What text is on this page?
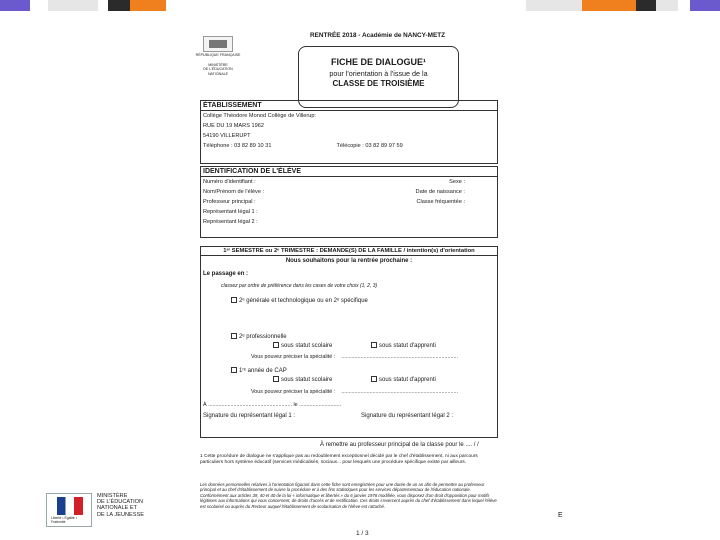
RENTRÉE 2018 - Académie de NANCY-METZ
RÉPUBLIQUE FRANÇAISE
MINISTÈRE
DE L'ÉDUCATION
NATIONALE
FICHE DE DIALOGUE¹
pour l'orientation à l'issue de la
CLASSE DE TROISIÈME
ÉTABLISSEMENT
Collège Théodore Monod Collège de Villerup:
RUE DU 19 MARS 1962
54190 VILLERUPT
Téléphone : 03 82 89 10 31	Télécopie : 03 82 89 97 59
IDENTIFICATION DE L'ÉLÈVE
Numéro d'identifiant :	Sexe :
Nom/Prénom de l'élève :	Date de naissance :
Professeur principal :	Classe fréquentée :
Représentant légal 1 :
Représentant légal 2 :
1ᵉʳ SEMESTRE ou 2ᵉ TRIMESTRE : DEMANDE(S) DE LA FAMILLE / intention(s) d'orientation
Nous souhaitons pour la rentrée prochaine :
Le passage en :
classez par ordre de préférence dans les cases de votre choix (1, 2, 3)
2ᵉ générale et technologique ou en 2ᵉ spécifique
2ᵉ professionnelle
sous statut scolaire	sous statut d'apprenti
Vous pouvez préciser la spécialité : ..............................................................................
1ʳᵉ année de CAP
sous statut scolaire	sous statut d'apprenti
Vous pouvez préciser la spécialité : ..............................................................................
À ........................................................ le ............................
Signature du représentant légal 1 :	Signature du représentant légal 2 :
À remettre au professeur principal de la classe pour le .... / /
1 Cette procédure de dialogue ne s'applique pas au redoublement exceptionnel décidé par le chef d'établissement, ni aux parcours particuliers hors système éducatif (services médicalisés, sociaux... pour lesquels une procédure spécifique existe par ailleurs.
Les données personnelles relatives à l'orientation figurant dans cette fiche sont enregistrées pour une durée de un an afin de permettre au professeur principal et au chef d'établissement de suivre la procédure et à des fins statistiques pour les services départementaux de l'éducation nationale. Conformément aux articles 39, 40 et 40 de la loi « informatique et libertés » du 6 janvier 1978 modifiée, vous disposez d'un droit d'opposition pour motifs légitimes aux informations qui vous concernent, de droits d'accès et de rectification. Ces droits s'exercent auprès du chef d'établissement dans lequel l'élève est scolarisé ou auprès du Recteur auquel l'établissement de scolarisation de l'élève est rattaché.
1 / 3
Liberté • Égalité • Fraternité
MINISTÈRE
DE L'ÉDUCATION
NATIONALE ET
DE LA JEUNESSE	E
